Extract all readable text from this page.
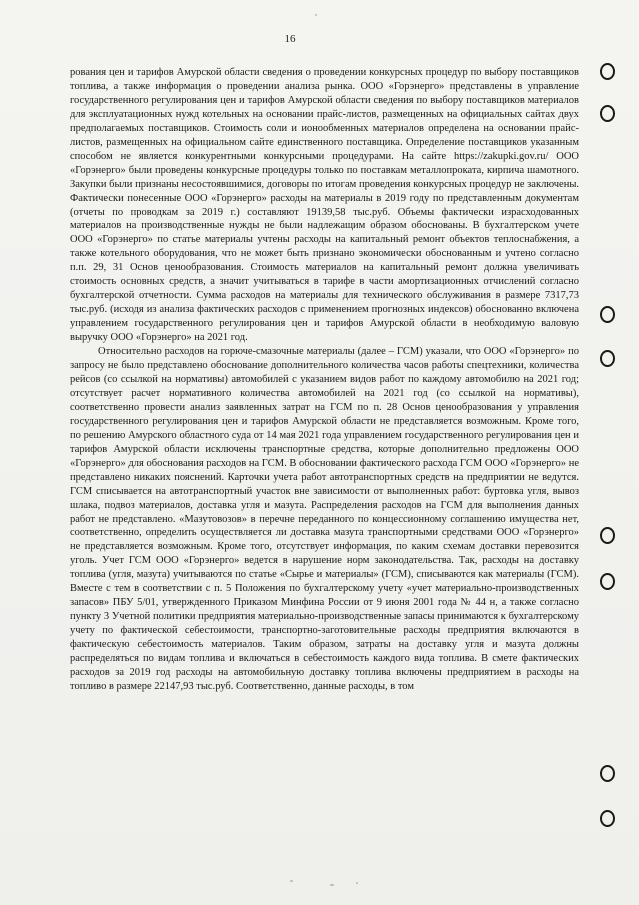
16

рования цен и тарифов Амурской области сведения о проведении конкурсных процедур по выбору поставщиков топлива, а также информация о проведении анализа рынка. ООО «Горэнерго» представлены в управление государственного регулирования цен и тарифов Амурской области сведения по выбору поставщиков материалов для эксплуатационных нужд котельных на основании прайс-листов, размещенных на официальных сайтах двух предполагаемых поставщиков. Стоимость соли и ионообменных материалов определена на основании прайс-листов, размещенных на официальном сайте единственного поставщика. Определение поставщиков указанным способом не является конкурентными конкурсными процедурами. На сайте https://zakupki.gov.ru/ ООО «Горэнерго» были проведены конкурсные процедуры только по поставкам металлопроката, кирпича шамотного. Закупки были признаны несостоявшимися, договоры по итогам проведения конкурсных процедур не заключены. Фактически понесенные ООО «Горэнерго» расходы на материалы в 2019 году по представленным документам (отчеты по проводкам за 2019 г.) составляют 19139,58 тыс.руб. Объемы фактически израсходованных материалов на производственные нужды не были надлежащим образом обоснованы. В бухгалтерском учете ООО «Горэнерго» по статье материалы учтены расходы на капитальный ремонт объектов теплоснабжения, а также котельного оборудования, что не может быть признано экономически обоснованным и учтено согласно п.п. 29, 31 Основ ценообразования. Стоимость материалов на капитальный ремонт должна увеличивать стоимость основных средств, а значит учитываться в тарифе в части амортизационных отчислений согласно бухгалтерской отчетности. Сумма расходов на материалы для технического обслуживания в размере 7317,73 тыс.руб. (исходя из анализа фактических расходов с применением прогнозных индексов) обоснованно включена управлением государственного регулирования цен и тарифов Амурской области в необходимую валовую выручку ООО «Горэнерго» на 2021 год.

Относительно расходов на горюче-смазочные материалы (далее – ГСМ) указали, что ООО «Горэнерго» по запросу не было представлено обоснование дополнительного количества часов работы спецтехники, количества рейсов (со ссылкой на нормативы) автомобилей с указанием видов работ по каждому автомобилю на 2021 год; отсутствует расчет нормативного количества автомобилей на 2021 год (со ссылкой на нормативы), соответственно провести анализ заявленных затрат на ГСМ по п. 28 Основ ценообразования у управления государственного регулирования цен и тарифов Амурской области не представляется возможным. Кроме того, по решению Амурского областного суда от 14 мая 2021 года управлением государственного регулирования цен и тарифов Амурской области исключены транспортные средства, которые дополнительно предложены ООО «Горэнерго» для обоснования расходов на ГСМ. В обосновании фактического расхода ГСМ ООО «Горэнерго» не представлено никаких пояснений. Карточки учета работ автотранспортных средств на предприятии не ведутся. ГСМ списывается на автотранспортный участок вне зависимости от выполненных работ: буртовка угля, вывоз шлака, подвоз материалов, доставка угля и мазута. Распределения расходов на ГСМ для выполнения данных работ не представлено. «Мазутовозов» в перечне переданного по концессионному соглашению имущества нет, соответственно, определить осуществляется ли доставка мазута транспортными средствами ООО «Горэнерго» не представляется возможным. Кроме того, отсутствует информация, по каким схемам доставки перевозится уголь. Учет ГСМ ООО «Горэнерго» ведется в нарушение норм законодательства. Так, расходы на доставку топлива (угля, мазута) учитываются по статье «Сырье и материалы» (ГСМ), списываются как материалы (ГСМ). Вместе с тем в соответствии с п. 5 Положения по бухгалтерскому учету «учет материально-производственных запасов» ПБУ 5/01, утвержденного Приказом Минфина России от 9 июня 2001 года № 44 н, а также согласно пункту 3 Учетной политики предприятия материально-производственные запасы принимаются к бухгалтерскому учету по фактической себестоимости, транспортно-заготовительные расходы предприятия включаются в фактическую себестоимость материалов. Таким образом, затраты на доставку угля и мазута должны распределяться по видам топлива и включаться в себестоимость каждого вида топлива. В смете фактических расходов за 2019 год расходы на автомобильную доставку топлива включены предприятием в расходы на топливо в размере 22147,93 тыс.руб. Соответственно, данные расходы, в том
